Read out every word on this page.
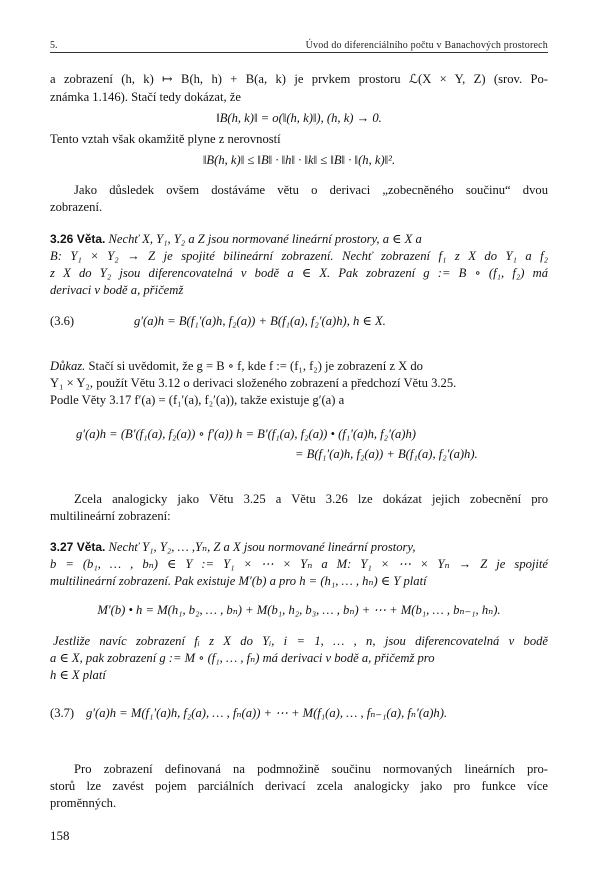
5.	Úvod do diferenciálního počtu v Banachových prostorech
a zobrazení (h, k) ↦ B(h, h) + B(a, k) je prvkem prostoru ℒ(X × Y, Z) (srov. Po-
známka 1.146). Stačí tedy dokázat, že
‖B(h, k)‖ = o(‖(h, k)‖), (h, k) → 0.
Tento vztah však okamžitě plyne z nerovností
‖B(h, k)‖ ≤ ‖B‖ · ‖h‖ · ‖k‖ ≤ ‖B‖ · ‖(h, k)‖².
Jako důsledek ovšem dostáváme větu o derivaci „zobecněného součinu“ dvou
zobrazení.
3.26 Věta. Nechť X, Y₁, Y₂ a Z jsou normované lineární prostory, a ∈ X a
B: Y₁ × Y₂ → Z je spojité bilineární zobrazení. Nechť zobrazení f₁ z X do Y₁ a f₂
z X do Y₂ jsou diferencovatelná v bodě a ∈ X. Pak zobrazení g := B ∘ (f₁, f₂) má
derivaci v bodě a, přičemž
(3.6)	g′(a)h = B(f₁′(a)h, f₂(a)) + B(f₁(a), f₂′(a)h), h ∈ X.
Důkaz. Stačí si uvědomit, že g = B ∘ f, kde f := (f₁, f₂) je zobrazení z X do
Y₁ × Y₂, použít Větu 3.12 o derivaci složeného zobrazení a předchozí Větu 3.25.
Podle Věty 3.17 f′(a) = (f₁′(a), f₂′(a)), takže existuje g′(a) a
g′(a)h = (B′(f₁(a), f₂(a)) ∘ f′(a)) h = B′(f₁(a), f₂(a)) • (f₁′(a)h, f₂′(a)h)
= B(f₁′(a)h, f₂(a)) + B(f₁(a), f₂′(a)h).
Zcela analogicky jako Větu 3.25 a Větu 3.26 lze dokázat jejich zobecnění pro
multilineární zobrazení:
3.27 Věta. Nechť Y₁, Y₂, … ,Yₙ, Z a X jsou normované lineární prostory,
b = (b₁, … , bₙ) ∈ Y := Y₁ × ⋯ × Yₙ a M: Y₁ × ⋯ × Yₙ → Z je spojité
multilineární zobrazení. Pak existuje M′(b) a pro h = (h₁, … , hₙ) ∈ Y platí
M′(b) • h = M(h₁, b₂, … , bₙ) + M(b₁, h₂, b₃, … , bₙ) + ⋯ + M(b₁, … , bₙ₋₁, hₙ).
Jestliže navíc zobrazení fᵢ z X do Yᵢ, i = 1, … , n, jsou diferencovatelná v bodě
a ∈ X, pak zobrazení g := M ∘ (f₁, … , fₙ) má derivaci v bodě a, přičemž pro
h ∈ X platí
(3.7) g′(a)h = M(f₁′(a)h, f₂(a), … , fₙ(a)) + ⋯ + M(f₁(a), … , fₙ₋₁(a), fₙ′(a)h).
Pro zobrazení definovaná na podmnožině součinu normovaných lineárních pro-
storů lze zavést pojem parciálních derivací zcela analogicky jako pro funkce více
proměnných.
158
